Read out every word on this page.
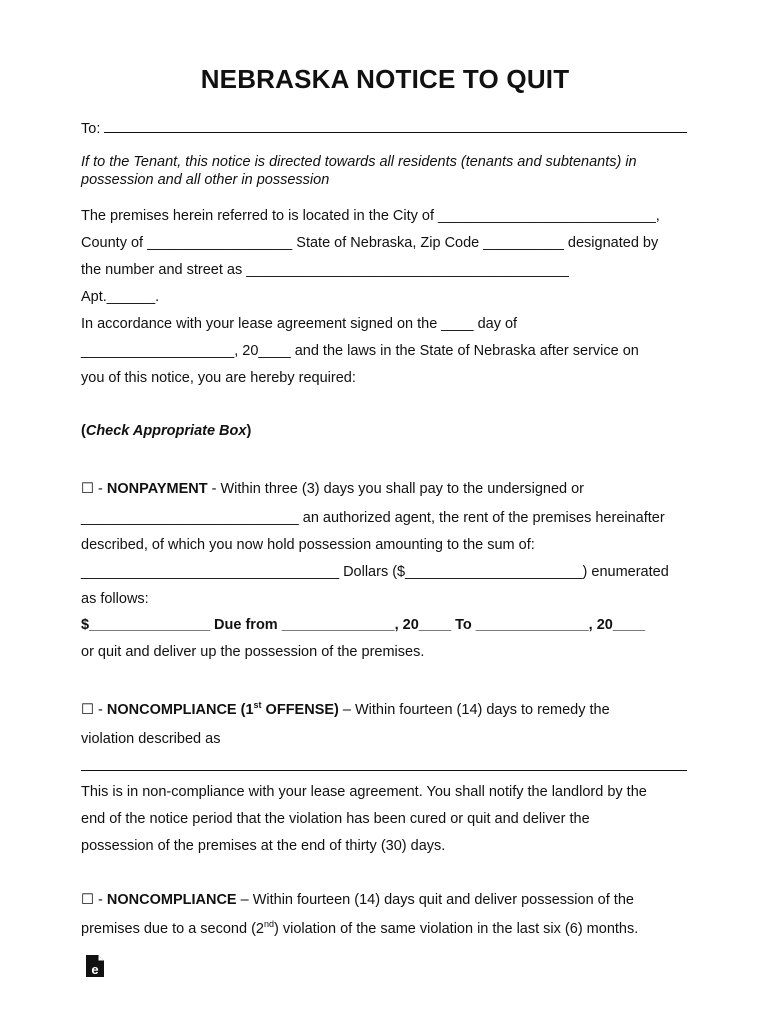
NEBRASKA NOTICE TO QUIT
To:
If to the Tenant, this notice is directed towards all residents (tenants and subtenants) in
possession and all other in possession
The premises herein referred to is located in the City of ___________________________,
County of __________________ State of Nebraska, Zip Code __________ designated by
the number and street as ________________________________________
Apt.______.
In accordance with your lease agreement signed on the ____ day of
___________________, 20____ and the laws in the State of Nebraska after service on
you of this notice, you are hereby required:
(Check Appropriate Box)
☐ - NONPAYMENT - Within three (3) days you shall pay to the undersigned or
___________________________ an authorized agent, the rent of the premises hereinafter
described, of which you now hold possession amounting to the sum of:
________________________________ Dollars ($______________________) enumerated
as follows:
$_______________ Due from ______________, 20____ To ______________, 20____
or quit and deliver up the possession of the premises.
☐ - NONCOMPLIANCE (1st OFFENSE) – Within fourteen (14) days to remedy the
violation described as
This is in non-compliance with your lease agreement. You shall notify the landlord by the
end of the notice period that the violation has been cured or quit and deliver the
possession of the premises at the end of thirty (30) days.
☐ - NONCOMPLIANCE – Within fourteen (14) days quit and deliver possession of the
premises due to a second (2nd) violation of the same violation in the last six (6) months.
e
